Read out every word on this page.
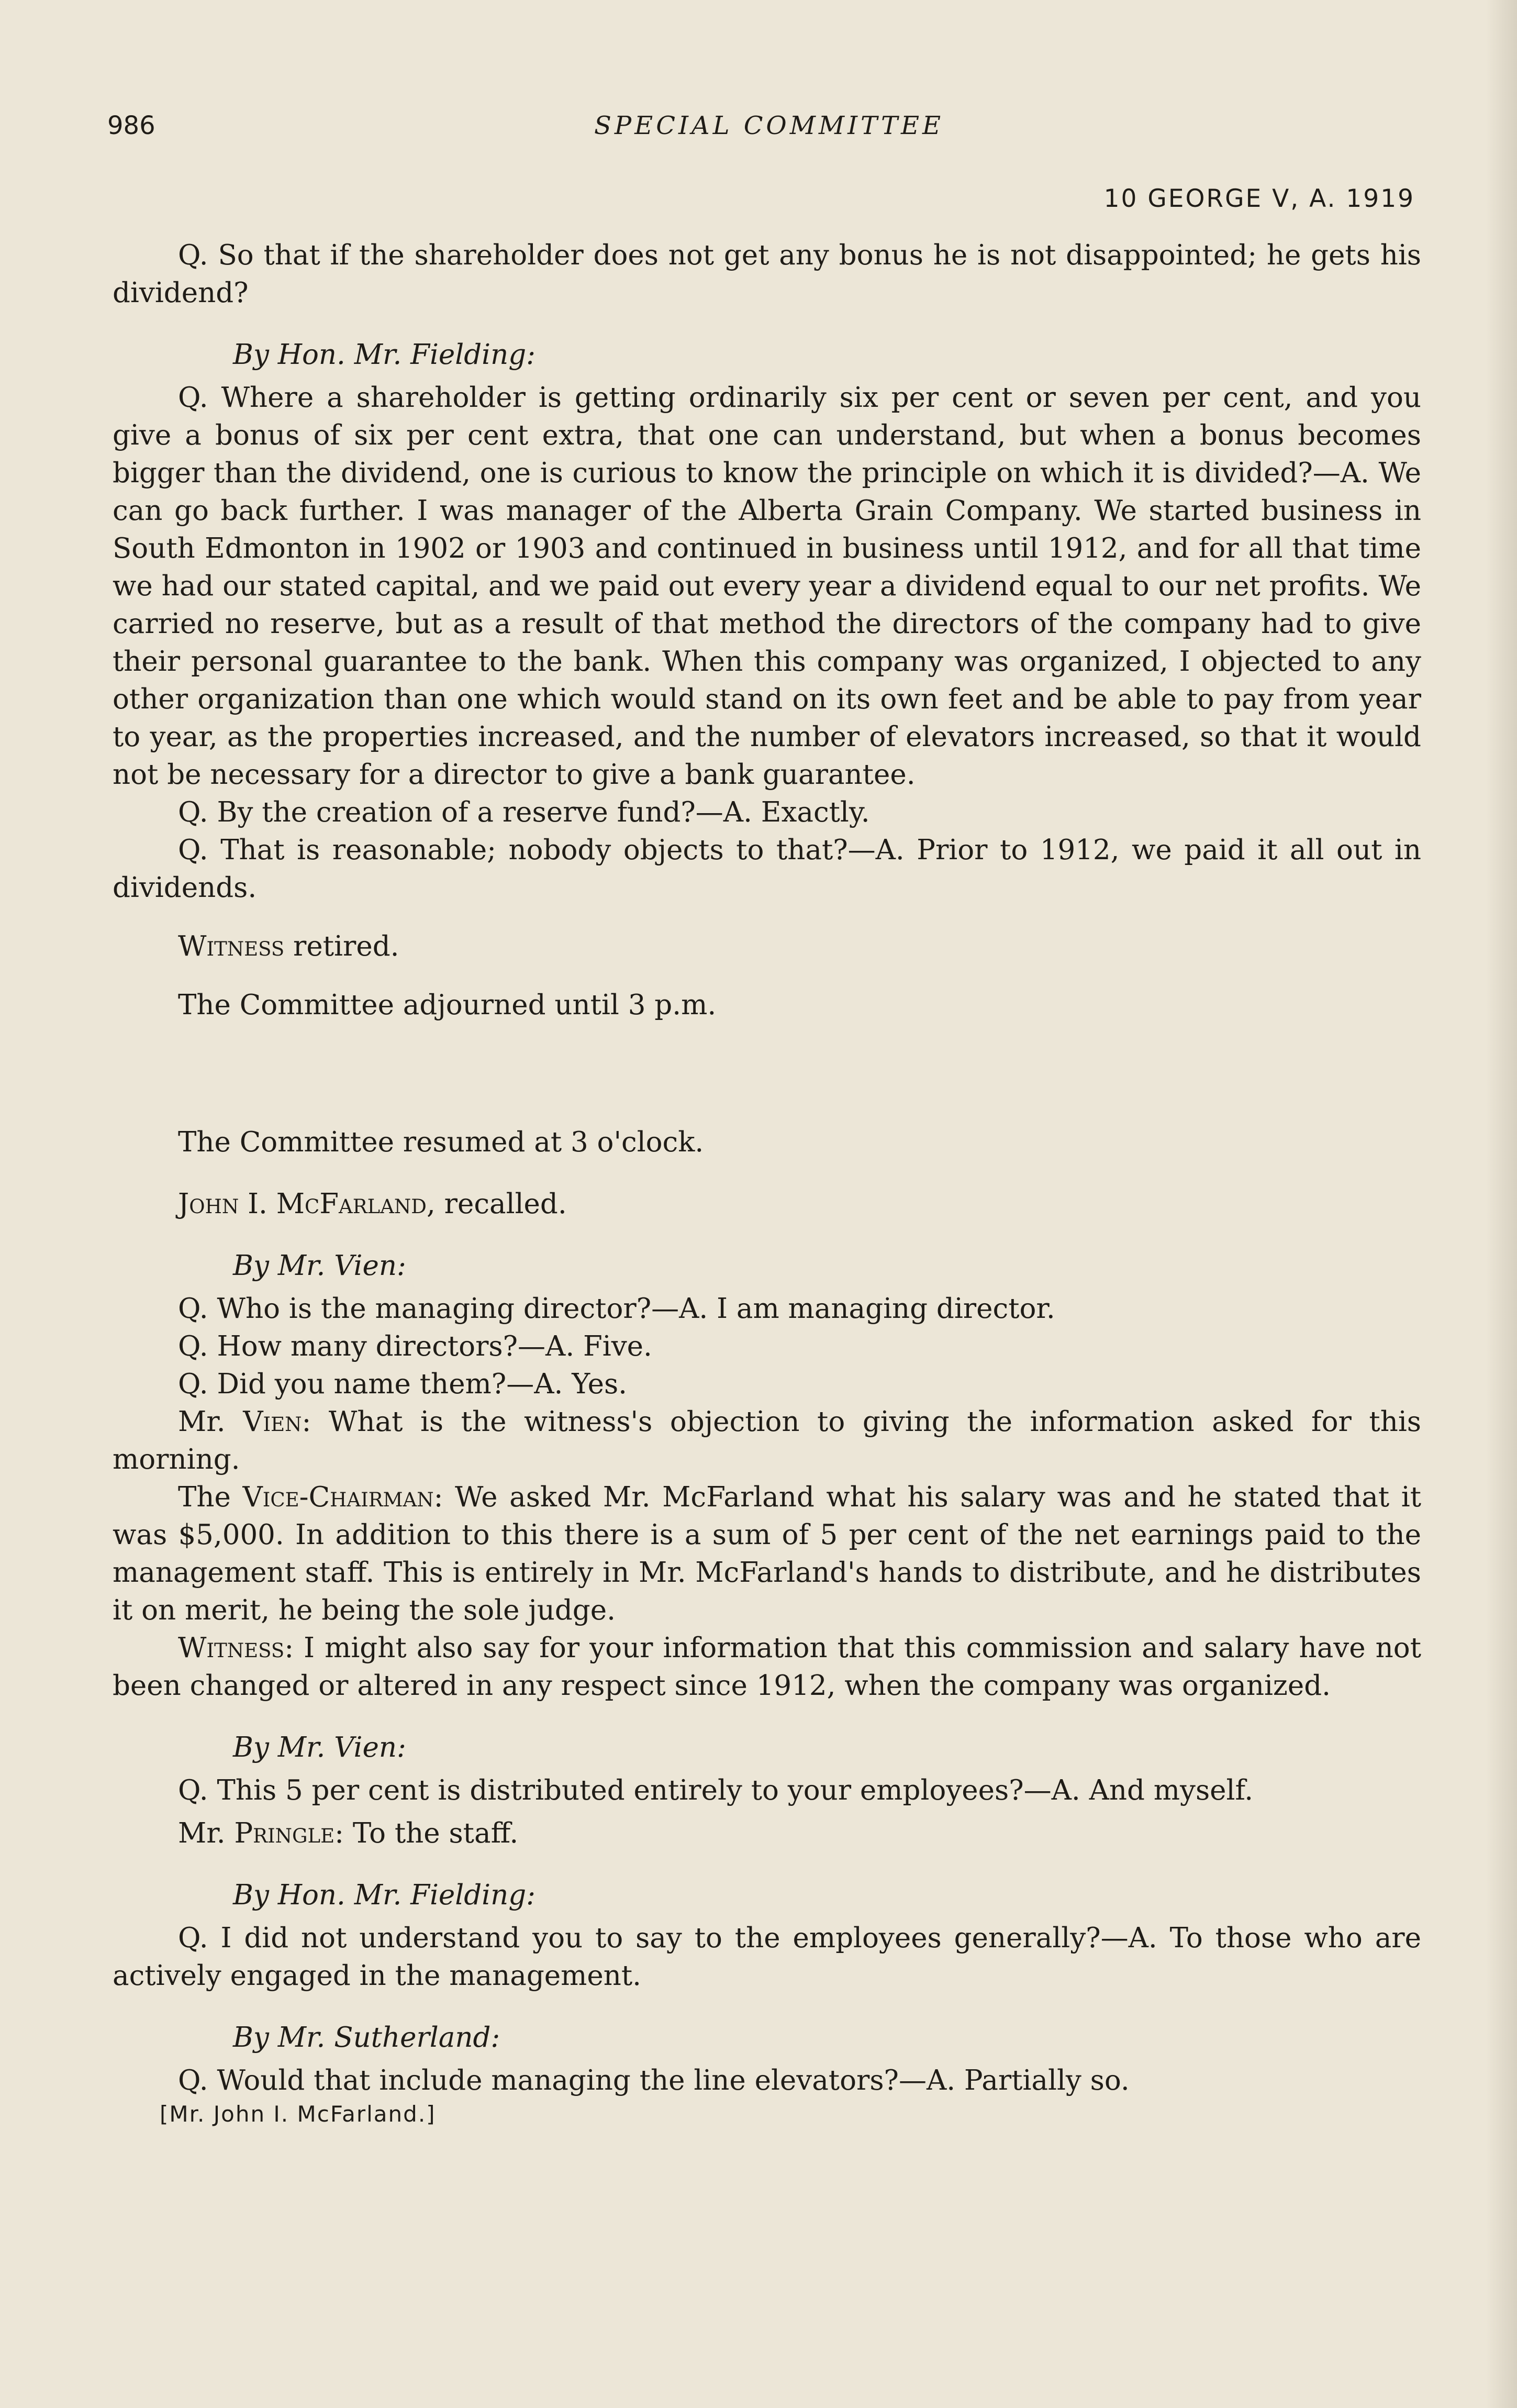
986	SPECIAL COMMITTEE
10 GEORGE V, A. 1919

Q. So that if the shareholder does not get any bonus he is not disappointed; he gets his dividend?

By Hon. Mr. Fielding:

Q. Where a shareholder is getting ordinarily six per cent or seven per cent, and you give a bonus of six per cent extra, that one can understand, but when a bonus becomes bigger than the dividend, one is curious to know the principle on which it is divided?—A. We can go back further. I was manager of the Alberta Grain Company. We started business in South Edmonton in 1902 or 1903 and continued in business until 1912, and for all that time we had our stated capital, and we paid out every year a dividend equal to our net profits. We carried no reserve, but as a result of that method the directors of the company had to give their personal guarantee to the bank. When this company was organized, I objected to any other organization than one which would stand on its own feet and be able to pay from year to year, as the properties increased, and the number of elevators increased, so that it would not be necessary for a director to give a bank guarantee.

Q. By the creation of a reserve fund?—A. Exactly.

Q. That is reasonable; nobody objects to that?—A. Prior to 1912, we paid it all out in dividends.

Witness retired.

The Committee adjourned until 3 p.m.

The Committee resumed at 3 o'clock.

John I. McFarland, recalled.

By Mr. Vien:

Q. Who is the managing director?—A. I am managing director.

Q. How many directors?—A. Five.

Q. Did you name them?—A. Yes.

Mr. Vien: What is the witness's objection to giving the information asked for this morning.

The Vice-Chairman: We asked Mr. McFarland what his salary was and he stated that it was $5,000. In addition to this there is a sum of 5 per cent of the net earnings paid to the management staff. This is entirely in Mr. McFarland's hands to distribute, and he distributes it on merit, he being the sole judge.

Witness: I might also say for your information that this commission and salary have not been changed or altered in any respect since 1912, when the company was organized.

By Mr. Vien:

Q. This 5 per cent is distributed entirely to your employees?—A. And myself.

Mr. Pringle: To the staff.

By Hon. Mr. Fielding:

Q. I did not understand you to say to the employees generally?—A. To those who are actively engaged in the management.

By Mr. Sutherland:

Q. Would that include managing the line elevators?—A. Partially so.

[Mr. John I. McFarland.]
